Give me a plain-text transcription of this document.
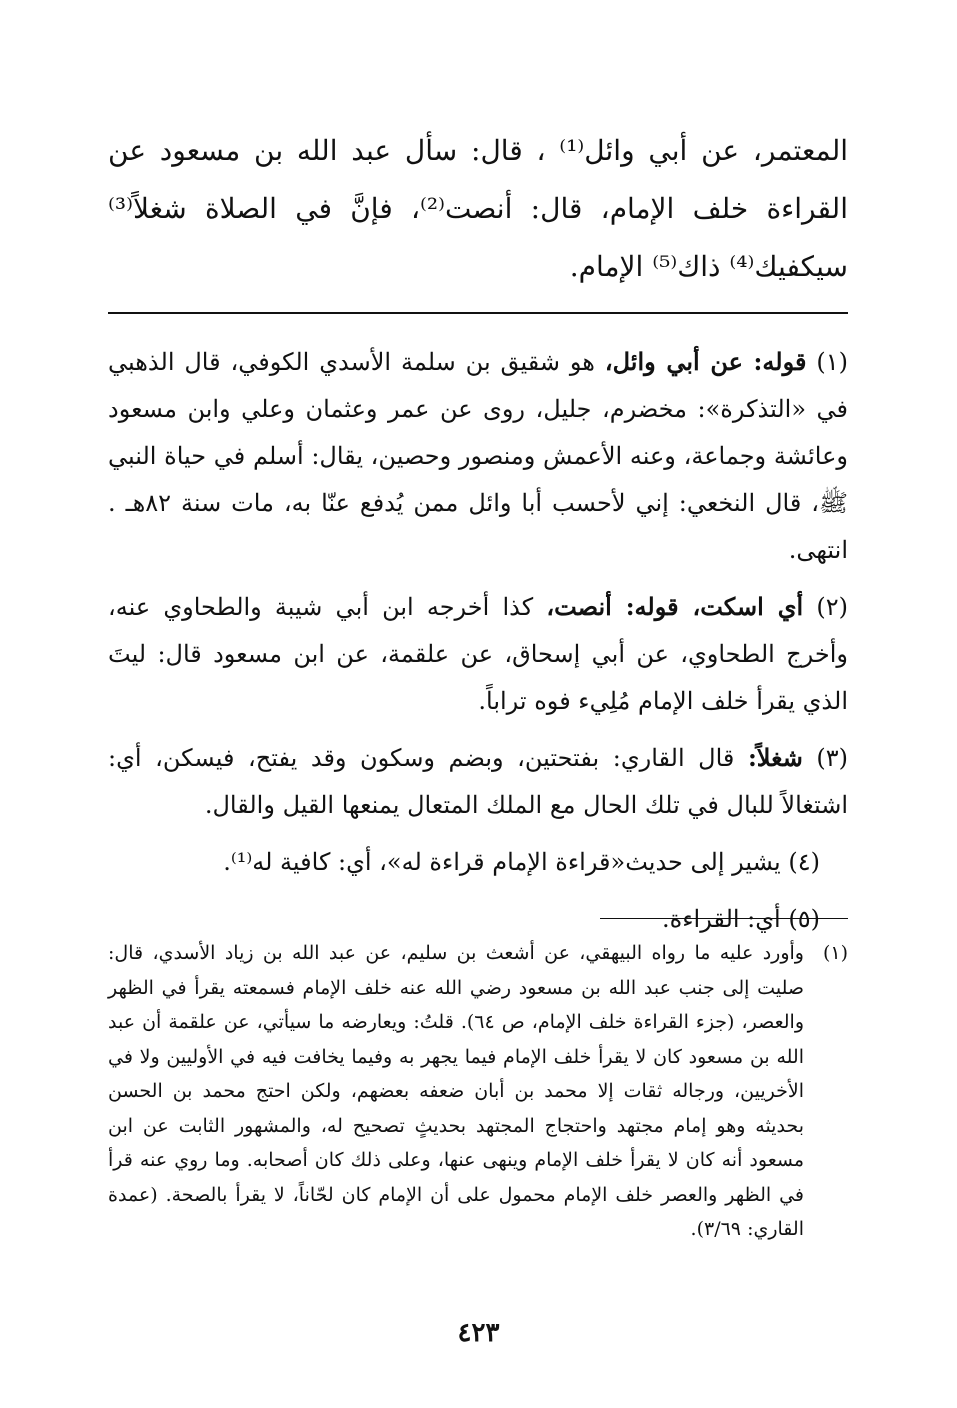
المعتمر، عن أبي وائل⁽¹⁾ ، قال: سأل عبد الله بن مسعود عن القراءة خلف الإمام، قال: أنصت⁽²⁾، فإنَّ في الصلاة شغلاً⁽³⁾ سيكفيك⁽⁴⁾ ذاك⁽⁵⁾ الإمام.

(١) قوله: عن أبي وائل، هو شقيق بن سلمة الأسدي الكوفي، قال الذهبي في «التذكرة»: مخضرم، جليل، روى عن عمر وعثمان وعلي وابن مسعود وعائشة وجماعة، وعنه الأعمش ومنصور وحصين، يقال: أسلم في حياة النبي ﷺ، قال النخعي: إني لأحسب أبا وائل ممن يُدفع عنّا به، مات سنة ٨٢هـ . انتهى.

(٢) أي اسكت، قوله: أنصت، كذا أخرجه ابن أبي شيبة والطحاوي عنه، وأخرج الطحاوي، عن أبي إسحاق، عن علقمة، عن ابن مسعود قال: ليتَ الذي يقرأ خلف الإمام مُلِيء فوه تراباً.

(٣) شغلاً: قال القاري: بفتحتين، وبضم وسكون وقد يفتح، فيسكن، أي: اشتغالاً للبال في تلك الحال مع الملك المتعال يمنعها القيل والقال.

(٤) يشير إلى حديث«قراءة الإمام قراءة له»، أي: كافية له⁽¹⁾.

(٥) أي: القراءة.

(١)
وأورد عليه ما رواه البيهقي، عن أشعث بن سليم، عن عبد الله بن زياد الأسدي، قال: صليت إلى جنب عبد الله بن مسعود رضي الله عنه خلف الإمام فسمعته يقرأ في الظهر والعصر، (جزء القراءة خلف الإمام، ص ٦٤). قلتُ: ويعارضه ما سيأتي، عن علقمة أن عبد الله بن مسعود كان لا يقرأ خلف الإمام فيما يجهر به وفيما يخافت فيه في الأوليين ولا في الأخريين، ورجاله ثقات إلا محمد بن أبان ضعفه بعضهم، ولكن احتج محمد بن الحسن بحديثه وهو إمام مجتهد واحتجاج المجتهد بحديثٍ تصحيح له، والمشهور الثابت عن ابن مسعود أنه كان لا يقرأ خلف الإمام وينهى عنها، وعلى ذلك كان أصحابه. وما روي عنه قرأ في الظهر والعصر خلف الإمام محمول على أن الإمام كان لحّاناً، لا يقرأ بالصحة. (عمدة القاري: ٣/٦٩).
٤٢٣
